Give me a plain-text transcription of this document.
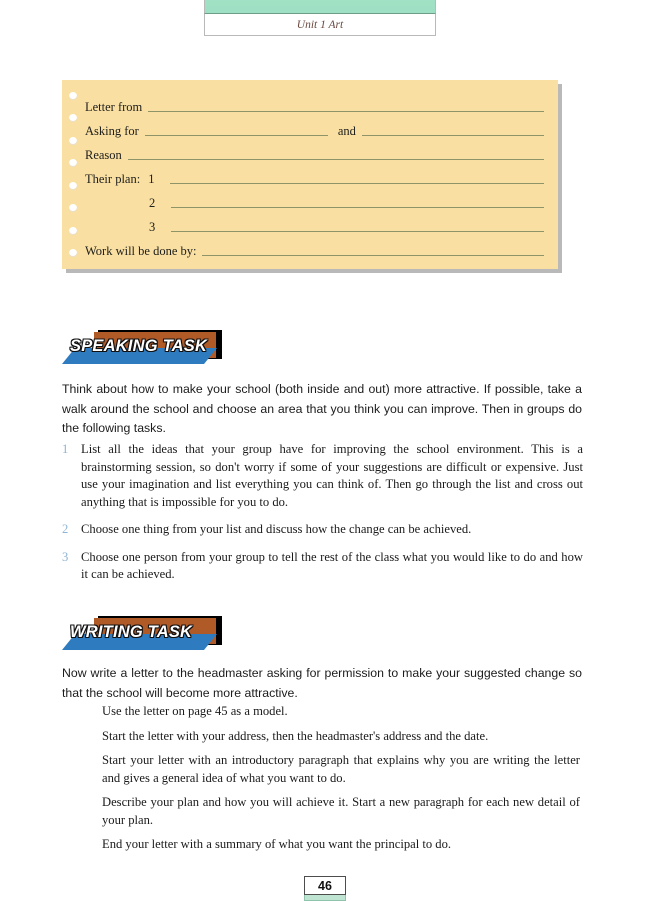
Unit 1 Art
Letter from
Asking for	and
Reason
Their plan: 1
2
3
Work will be done by:
SPEAKING TASK
Think about how to make your school (both inside and out) more attractive. If possible, take a walk around the school and choose an area that you think you can improve. Then in groups do the following tasks.
1	List all the ideas that your group have for improving the school environment. This is a brainstorming session, so don't worry if some of your suggestions are difficult or expensive. Just use your imagination and list everything you can think of. Then go through the list and cross out anything that is impossible for you to do.
2	Choose one thing from your list and discuss how the change can be achieved.
3	Choose one person from your group to tell the rest of the class what you would like to do and how it can be achieved.
WRITING TASK
Now write a letter to the headmaster asking for permission to make your suggested change so that the school will become more attractive.
Use the letter on page 45 as a model.
Start the letter with your address, then the headmaster's address and the date.
Start your letter with an introductory paragraph that explains why you are writing the letter and gives a general idea of what you want to do.
Describe your plan and how you will achieve it. Start a new paragraph for each new detail of your plan.
End your letter with a summary of what you want the principal to do.
46
